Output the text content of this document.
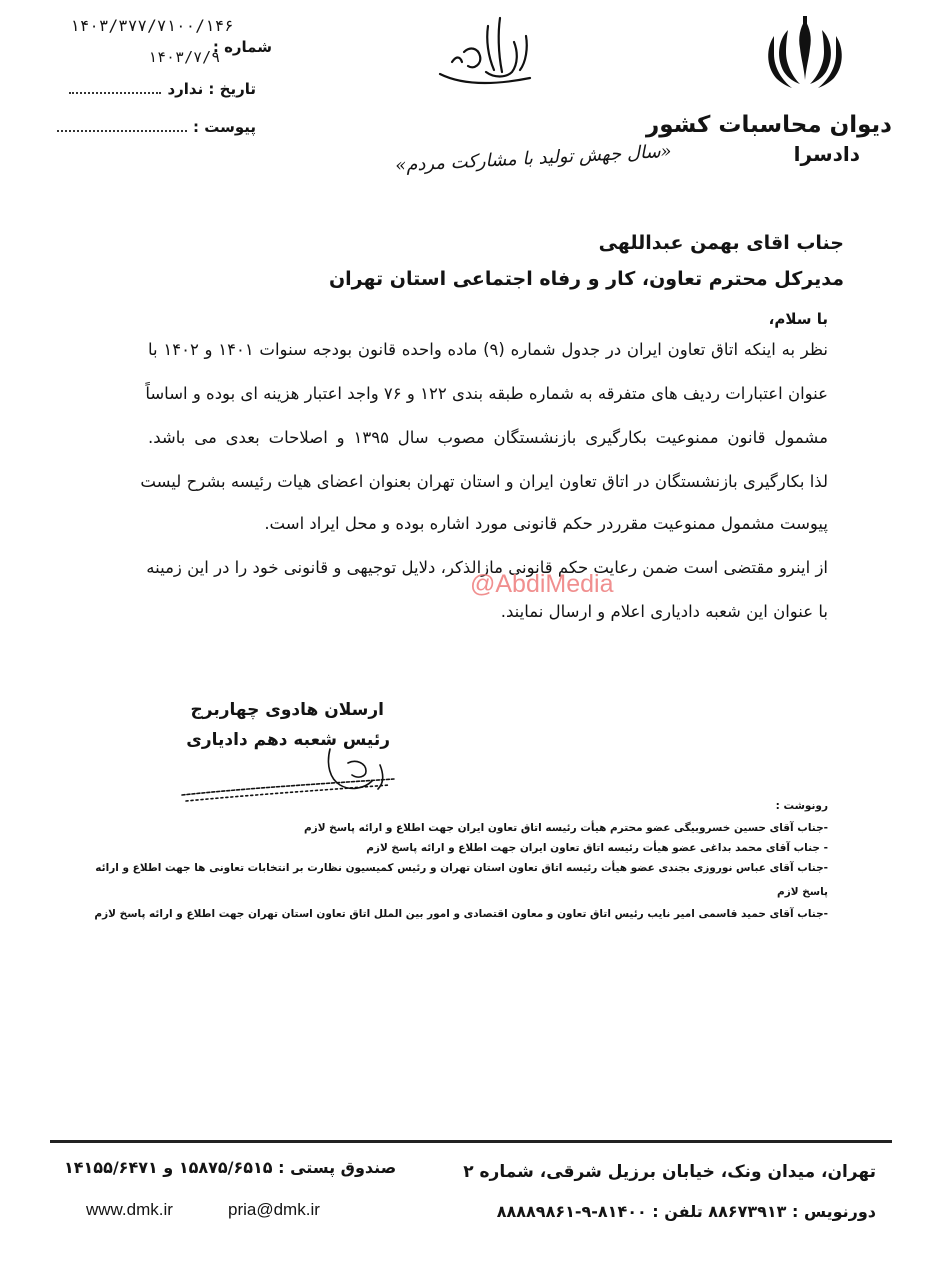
دیوان محاسبات کشور
دادسرا
«سال جهش تولید با مشارکت مردم»
شماره :
۱۴۰۳/۳۷۷/۷۱۰۰/۱۴۶
۱۴۰۳/۷/۹
تاریخ : ندارد
پیوست :
جناب اقای بهمن عبداللهی
مدیرکل محترم تعاون، کار و رفاه اجتماعی استان تهران
با سلام،
نظر به اینکه اتاق تعاون ایران در جدول شماره (۹) ماده واحده قانون بودجه سنوات ۱۴۰۱ و ۱۴۰۲ با
عنوان اعتبارات ردیف های متفرقه به شماره طبقه بندی ۱۲۲ و ۷۶ واجد اعتبار هزینه ای بوده و اساساً
مشمول قانون ممنوعیت بکارگیری بازنشستگان مصوب سال ۱۳۹۵ و اصلاحات بعدی می باشد.
لذا بکارگیری بازنشستگان در اتاق تعاون ایران و استان تهران بعنوان اعضای هیات رئیسه بشرح لیست
پیوست مشمول ممنوعیت مقرردر حکم قانونی مورد اشاره بوده و محل ایراد است.
از اینرو مقتضی است ضمن رعایت حکم قانونی مازالذکر، دلایل توجیهی و قانونی خود را در این زمینه
با عنوان این شعبه دادیاری اعلام و ارسال نمایند.
@AbdiMedia
ارسلان هادوی چهاربرج
رئیس شعبه دهم دادیاری
رونوشت :
-جناب آقای حسین خسروبیگی عضو محترم هیأت رئیسه اتاق تعاون ایران جهت اطلاع و ارائه پاسخ لازم
- جناب آقای محمد بداغی عضو هیأت رئیسه اتاق تعاون ایران جهت اطلاع و ارائه پاسخ لازم
-جناب آقای عباس نوروزی بجندی عضو هیأت رئیسه اتاق تعاون استان تهران و رئیس کمیسیون نظارت بر انتخابات تعاونی ها جهت اطلاع و ارائه
پاسخ لازم
-جناب آقای حمید قاسمی امیر نایب رئیس اتاق تعاون و معاون اقتصادی و امور بین الملل اتاق تعاون استان تهران جهت اطلاع و ارائه پاسخ لازم
تهران، میدان ونک، خیابان برزیل شرقی، شماره ۲
صندوق پستی : ۱۵۸۷۵/۶۵۱۵ و ۱۴۱۵۵/۶۴۷۱
دورنویس : ۸۸۶۷۳۹۱۳ تلفن : ۸۱۴۰۰-۹-۸۸۸۸۹۸۶۱
pria@dmk.ir
www.dmk.ir
